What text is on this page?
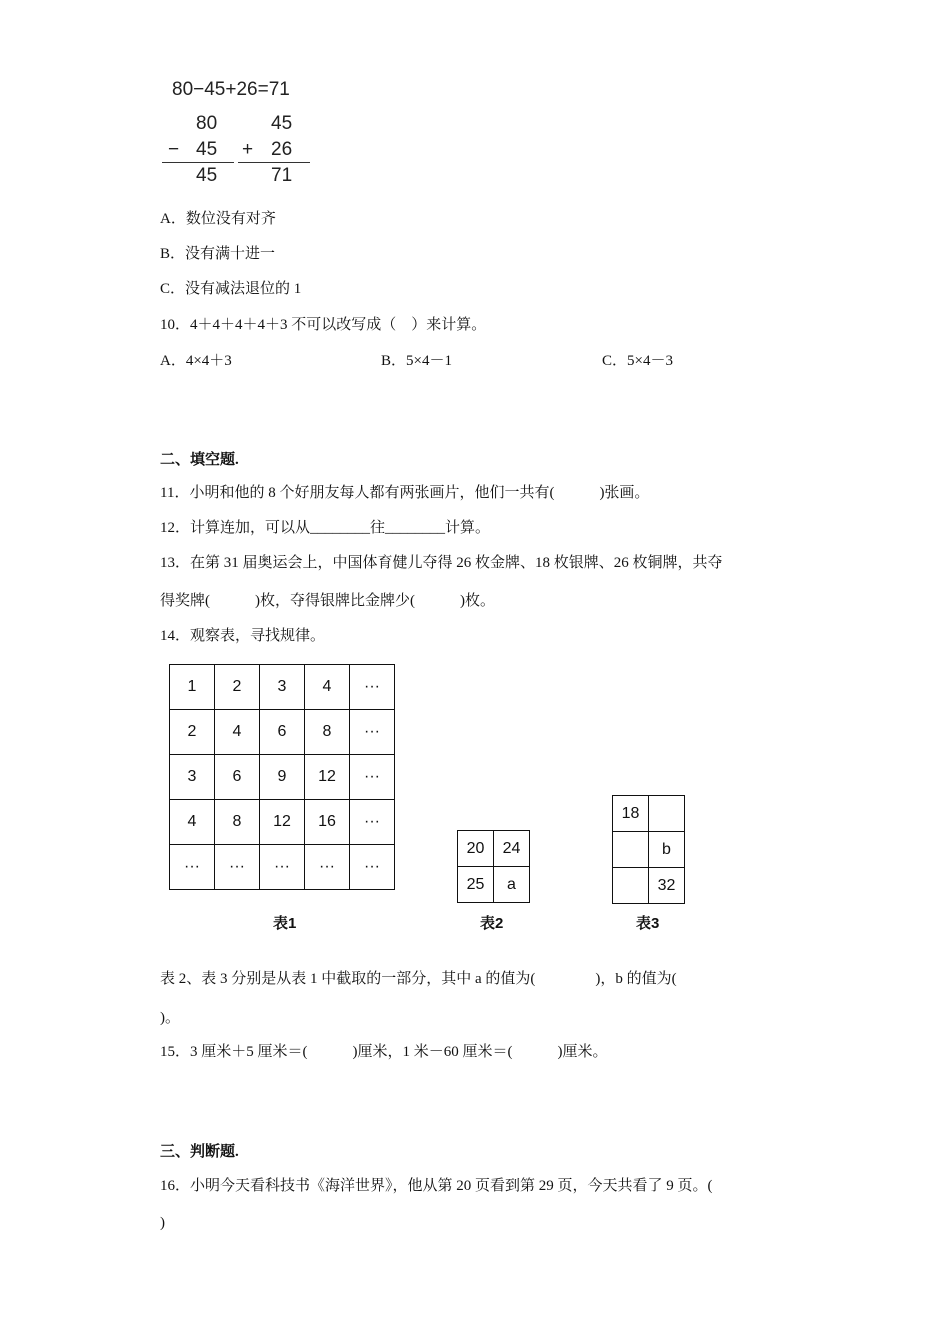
80−45+26=71
80
− 45
45
45
+ 26
71
A．数位没有对齐
B．没有满十进一
C．没有减法退位的 1
10．4＋4＋4＋4＋3 不可以改写成（　）来计算。
A．4×4＋3	B．5×4－1	C．5×4－3
二、填空题.
11．小明和他的 8 个好朋友每人都有两张画片，他们一共有(　　　)张画。
12．计算连加，可以从________往________计算。
13．在第 31 届奥运会上，中国体育健儿夺得 26 枚金牌、18 枚银牌、26 枚铜牌，共夺
得奖牌(　　　)枚，夺得银牌比金牌少(　　　)枚。
14．观察表，寻找规律。
1	2	3	4	···
2	4	6	8	···
3	6	9	12	···
4	8	12	16	···
···	···	···	···	···
20	24
25	a
18	
	b
	32
表1	表2	表3
表 2、表 3 分别是从表 1 中截取的一部分，其中 a 的值为(　　　　)，b 的值为(
)。
15．3 厘米＋5 厘米＝(　　　)厘米，1 米－60 厘米＝(　　　)厘米。
三、判断题.
16．小明今天看科技书《海洋世界》，他从第 20 页看到第 29 页，今天共看了 9 页。(
)
